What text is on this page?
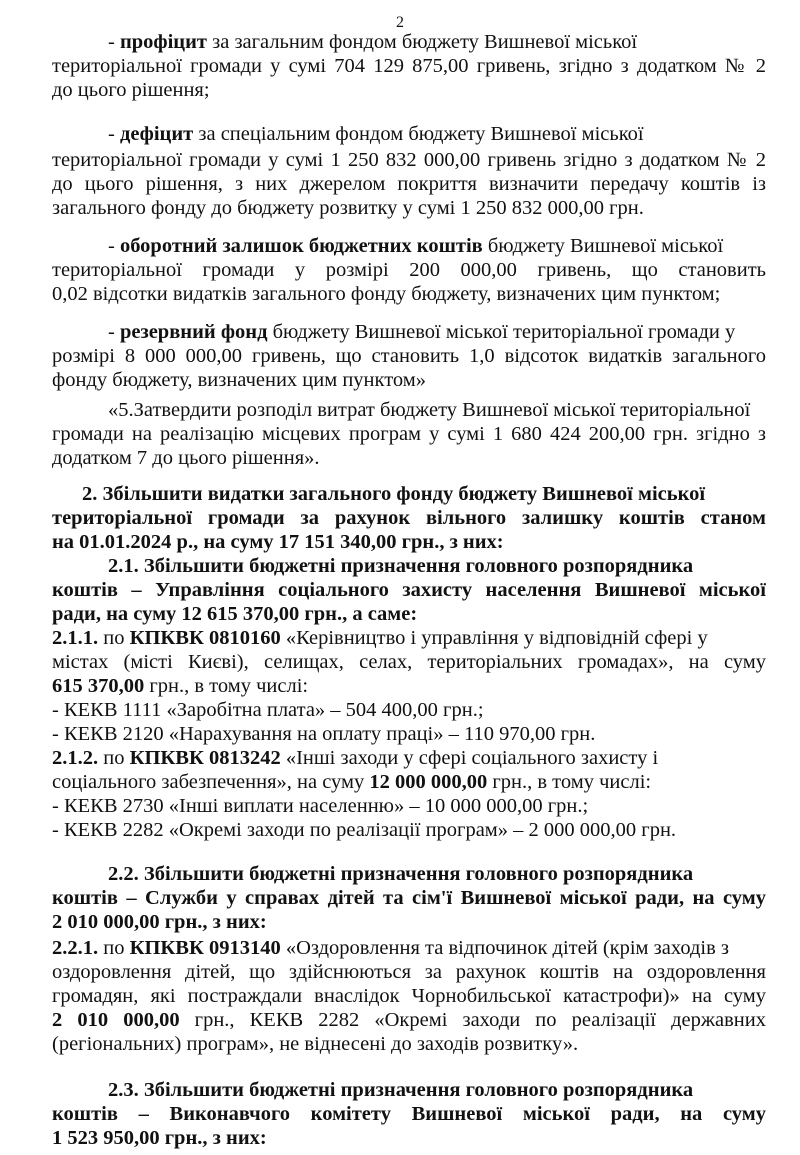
2
- профіцит за загальним фондом бюджету Вишневої міської
територіальної громади у сумі 704 129 875,00 гривень, згідно з додатком № 2
до цього рішення;
- дефіцит за спеціальним фондом бюджету Вишневої міської
територіальної громади у сумі 1 250 832 000,00 гривень згідно з додатком № 2
до цього рішення, з них джерелом покриття визначити передачу коштів із
загального фонду до бюджету розвитку у сумі 1 250 832 000,00 грн.
- оборотний залишок бюджетних коштів бюджету Вишневої міської
територіальної громади у розмірі 200 000,00 гривень, що становить
0,02 відсотки видатків загального фонду бюджету, визначених цим пунктом;
- резервний фонд бюджету Вишневої міської територіальної громади у
розмірі 8 000 000,00 гривень, що становить 1,0 відсоток видатків загального
фонду бюджету, визначених цим пунктом»
«5.Затвердити розподіл витрат бюджету Вишневої міської територіальної
громади на реалізацію місцевих програм у сумі 1 680 424 200,00 грн. згідно з
додатком 7 до цього рішення».
2. Збільшити видатки загального фонду бюджету Вишневої міської
територіальної громади за рахунок вільного залишку коштів станом
на 01.01.2024 р., на суму 17 151 340,00 грн., з них:
2.1. Збільшити бюджетні призначення головного розпорядника
коштів – Управління соціального захисту населення Вишневої міської
ради, на суму 12 615 370,00 грн., а саме:
2.1.1. по КПКВК 0810160 «Керівництво і управління у відповідній сфері у
містах (місті Києві), селищах, селах, територіальних громадах», на суму
615 370,00 грн., в тому числі:
- КЕКВ 1111 «Заробітна плата» – 504 400,00 грн.;
- КЕКВ 2120 «Нарахування на оплату праці» – 110 970,00 грн.
2.1.2. по КПКВК 0813242 «Інші заходи у сфері соціального захисту і
соціального забезпечення», на суму 12 000 000,00 грн., в тому числі:
- КЕКВ 2730 «Інші виплати населенню» – 10 000 000,00 грн.;
- КЕКВ 2282 «Окремі заходи по реалізації програм» – 2 000 000,00 грн.
2.2. Збільшити бюджетні призначення головного розпорядника
коштів – Служби у справах дітей та сім'ї Вишневої міської ради, на суму
2 010 000,00 грн., з них:
2.2.1. по КПКВК 0913140 «Оздоровлення та відпочинок дітей (крім заходів з
оздоровлення дітей, що здійснюються за рахунок коштів на оздоровлення
громадян, які постраждали внаслідок Чорнобильської катастрофи)» на суму
2 010 000,00 грн., КЕКВ 2282 «Окремі заходи по реалізації державних
(регіональних) програм», не віднесені до заходів розвитку».
2.3. Збільшити бюджетні призначення головного розпорядника
коштів – Виконавчого комітету Вишневої міської ради, на суму
1 523 950,00 грн., з них:
